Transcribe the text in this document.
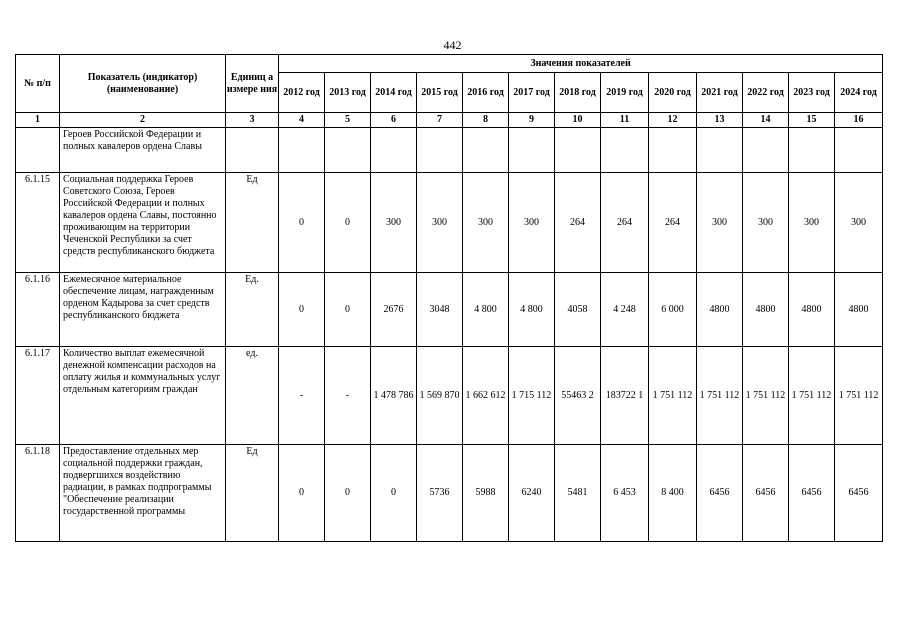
442
№ п/п	Показатель (индикатор) (наименование)	Единиц а измере ния	Значения показателей												
			2012 год	2013 год	2014 год	2015 год	2016 год	2017 год	2018 год	2019 год	2020 год	2021 год	2022 год	2023 год	2024 год
1	2	3	4	5	6	7	8	9	10	11	12	13	14	15	16
	Героев Российской Федерации и полных кавалеров ордена Славы														
6.1.15	Социальная поддержка Героев Советского Союза, Героев Российской Федерации и полных кавалеров ордена Славы, постоянно проживающим на территории Чеченской Республики за счет средств республиканского бюджета	Ед	0	0	300	300	300	300	264	264	264	300	300	300	300
6.1.16	Ежемесячное материальное обеспечение лицам, награжденным орденом Кадырова за счет средств республиканского бюджета	Ед.	0	0	2676	3048	4 800	4 800	4058	4 248	6 000	4800	4800	4800	4800
6.1.17	Количество выплат ежемесячной денежной компенсации расходов на оплату жилья и коммунальных услуг отдельным категориям граждан	ед.	-	-	1 478 786	1 569 870	1 662 612	1 715 112	55463 2	183722 1	1 751 112	1 751 112	1 751 112	1 751 112	1 751 112
6.1.18	Предоставление отдельных мер социальной поддержки граждан, подвергшихся воздействию радиации, в рамках подпрограммы "Обеспечение реализации государственной программы	Ед	0	0	0	5736	5988	6240	5481	6 453	8 400	6456	6456	6456	6456
